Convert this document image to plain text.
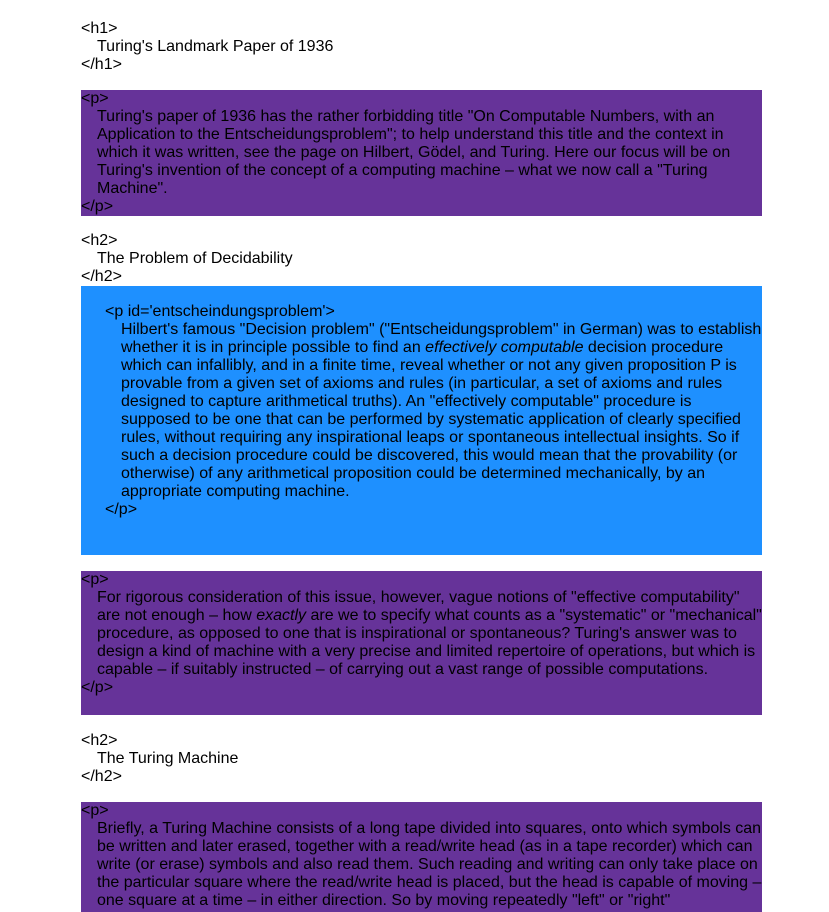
<h1>
Turing's Landmark Paper of 1936
</h1>
<p>
Turing's paper of 1936 has the rather forbidding title "On Computable Numbers, with an Application to the Entscheidungsproblem"; to help understand this title and the context in which it was written, see the page on Hilbert, Gödel, and Turing. Here our focus will be on Turing's invention of the concept of a computing machine – what we now call a "Turing Machine".
</p>
<h2>
The Problem of Decidability
</h2>
<p id='entscheindungsproblem'>
Hilbert's famous "Decision problem" ("Entscheidungsproblem" in German) was to establish whether it is in principle possible to find an effectively computable decision procedure which can infallibly, and in a finite time, reveal whether or not any given proposition P is provable from a given set of axioms and rules (in particular, a set of axioms and rules designed to capture arithmetical truths). An "effectively computable" procedure is supposed to be one that can be performed by systematic application of clearly specified rules, without requiring any inspirational leaps or spontaneous intellectual insights. So if such a decision procedure could be discovered, this would mean that the provability (or otherwise) of any arithmetical proposition could be determined mechanically, by an appropriate computing machine.
</p>
<p>
For rigorous consideration of this issue, however, vague notions of "effective computability" are not enough – how exactly are we to specify what counts as a "systematic" or "mechanical" procedure, as opposed to one that is inspirational or spontaneous? Turing's answer was to design a kind of machine with a very precise and limited repertoire of operations, but which is capable – if suitably instructed – of carrying out a vast range of possible computations.
</p>
<h2>
The Turing Machine
</h2>
<p>
Briefly, a Turing Machine consists of a long tape divided into squares, onto which symbols can be written and later erased, together with a read/write head (as in a tape recorder) which can write (or erase) symbols and also read them. Such reading and writing can only take place on the particular square where the read/write head is placed, but the head is capable of moving – one square at a time – in either direction. So by moving repeatedly "left" or "right"
